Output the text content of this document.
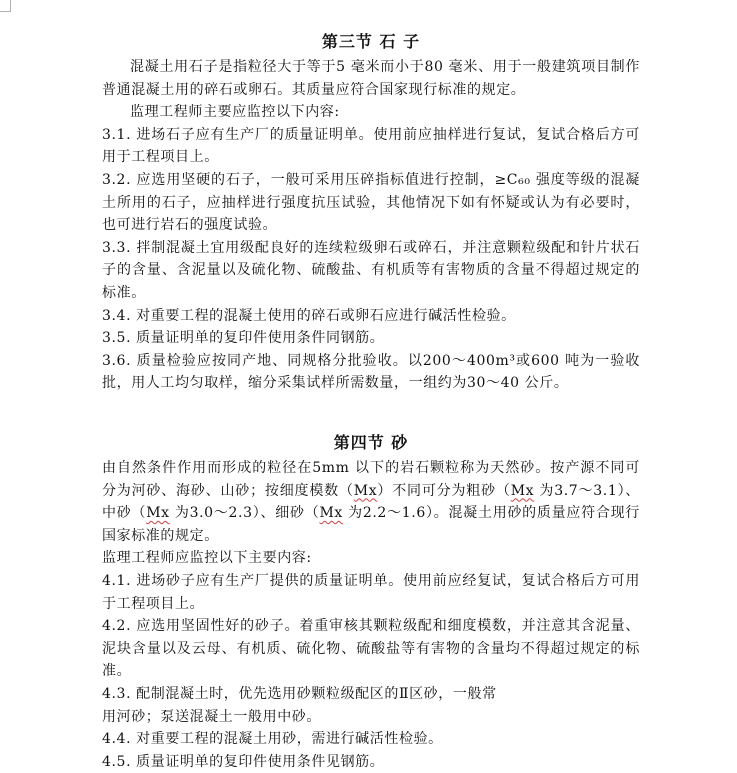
第三节 石 子

混凝土用石子是指粒径大于等于5 毫米而小于80 毫米、用于一般建筑项目制作普通混凝土用的碎石或卵石。其质量应符合国家现行标准的规定。

监理工程师主要应监控以下内容:

3.1. 进场石子应有生产厂的质量证明单。使用前应抽样进行复试，复试合格后方可用于工程项目上。

3.2. 应选用坚硬的石子，一般可采用压碎指标值进行控制，≥C₆₀ 强度等级的混凝土所用的石子，应抽样进行强度抗压试验，其他情况下如有怀疑或认为有必要时，也可进行岩石的强度试验。

3.3. 拌制混凝土宜用级配良好的连续粒级卵石或碎石，并注意颗粒级配和针片状石子的含量、含泥量以及硫化物、硫酸盐、有机质等有害物质的含量不得超过规定的标准。

3.4. 对重要工程的混凝土使用的碎石或卵石应进行碱活性检验。

3.5. 质量证明单的复印件使用条件同钢筋。

3.6. 质量检验应按同产地、同规格分批验收。以200～400m³或600 吨为一验收批，用人工均匀取样，缩分采集试样所需数量，一组约为30～40 公斤。

第四节 砂

由自然条件作用而形成的粒径在5mm 以下的岩石颗粒称为天然砂。按产源不同可分为河砂、海砂、山砂；按细度模数（Mx）不同可分为粗砂（Mx 为3.7～3.1）、中砂（Mx 为3.0～2.3）、细砂（Mx 为2.2～1.6）。混凝土用砂的质量应符合现行国家标准的规定。

监理工程师应监控以下主要内容:

4.1. 进场砂子应有生产厂提供的质量证明单。使用前应经复试，复试合格后方可用于工程项目上。

4.2. 应选用坚固性好的砂子。着重审核其颗粒级配和细度模数，并注意其含泥量、泥块含量以及云母、有机质、硫化物、硫酸盐等有害物的含量均不得超过规定的标准。

4.3. 配制混凝土时，优先选用砂颗粒级配区的Ⅱ区砂，一般常

用河砂；泵送混凝土一般用中砂。

4.4. 对重要工程的混凝土用砂，需进行碱活性检验。

4.5. 质量证明单的复印件使用条件见钢筋。
